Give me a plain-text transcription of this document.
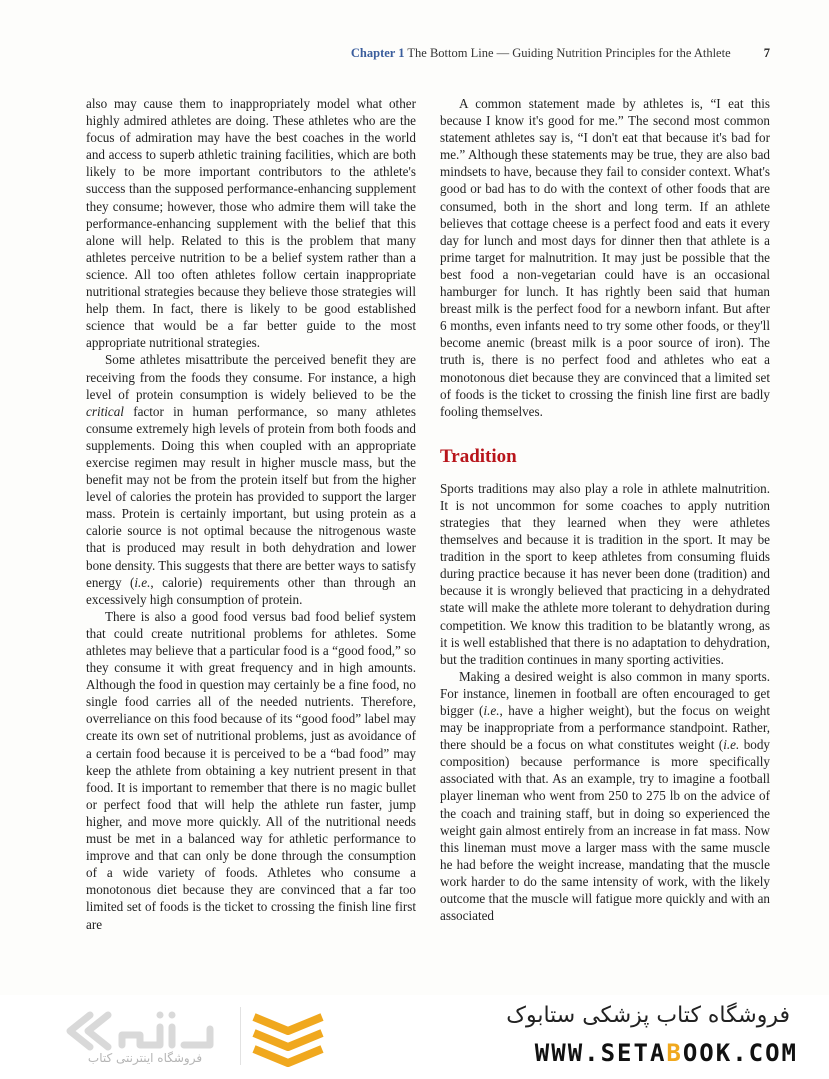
Chapter 1 The Bottom Line — Guiding Nutrition Principles for the Athlete	7

also may cause them to inappropriately model what other highly admired athletes are doing. These athletes who are the focus of admiration may have the best coaches in the world and access to superb athletic training facilities, which are both likely to be more important contributors to the athlete's success than the supposed performance-enhancing supplement they consume; however, those who admire them will take the performance-enhancing supplement with the belief that this alone will help. Related to this is the problem that many athletes perceive nutrition to be a belief system rather than a science. All too often athletes follow certain inappropriate nutritional strategies because they believe those strategies will help them. In fact, there is likely to be good established science that would be a far better guide to the most appropriate nutritional strategies.

Some athletes misattribute the perceived benefit they are receiving from the foods they consume. For instance, a high level of protein consumption is widely believed to be the critical factor in human performance, so many athletes consume extremely high levels of protein from both foods and supplements. Doing this when coupled with an appropriate exercise regimen may result in higher muscle mass, but the benefit may not be from the protein itself but from the higher level of calories the protein has provided to support the larger mass. Protein is certainly important, but using protein as a calorie source is not optimal because the nitrogenous waste that is produced may result in both dehydration and lower bone density. This suggests that there are better ways to satisfy energy (i.e., calorie) requirements other than through an excessively high consumption of protein.

There is also a good food versus bad food belief system that could create nutritional problems for athletes. Some athletes may believe that a particular food is a “good food,” so they consume it with great frequency and in high amounts. Although the food in question may certainly be a fine food, no single food carries all of the needed nutrients. Therefore, overreliance on this food because of its “good food” label may create its own set of nutritional problems, just as avoidance of a certain food because it is perceived to be a “bad food” may keep the athlete from obtaining a key nutrient present in that food. It is important to remember that there is no magic bullet or perfect food that will help the athlete run faster, jump higher, and move more quickly. All of the nutritional needs must be met in a balanced way for athletic performance to improve and that can only be done through the consumption of a wide variety of foods. Athletes who consume a monotonous diet because they are convinced that a far too limited set of foods is the ticket to crossing the finish line first are

A common statement made by athletes is, “I eat this because I know it's good for me.” The second most common statement athletes say is, “I don't eat that because it's bad for me.” Although these statements may be true, they are also bad mindsets to have, because they fail to consider context. What's good or bad has to do with the context of other foods that are consumed, both in the short and long term. If an athlete believes that cottage cheese is a perfect food and eats it every day for lunch and most days for dinner then that athlete is a prime target for malnutrition. It may just be possible that the best food a non-vegetarian could have is an occasional hamburger for lunch. It has rightly been said that human breast milk is the perfect food for a newborn infant. But after 6 months, even infants need to try some other foods, or they'll become anemic (breast milk is a poor source of iron). The truth is, there is no perfect food and athletes who eat a monotonous diet because they are convinced that a limited set of foods is the ticket to crossing the finish line first are badly fooling themselves.

Tradition

Sports traditions may also play a role in athlete malnutrition. It is not uncommon for some coaches to apply nutrition strategies that they learned when they were athletes themselves and because it is tradition in the sport. It may be tradition in the sport to keep athletes from consuming fluids during practice because it has never been done (tradition) and because it is wrongly believed that practicing in a dehydrated state will make the athlete more tolerant to dehydration during competition. We know this tradition to be blatantly wrong, as it is well established that there is no adaptation to dehydration, but the tradition continues in many sporting activities.

Making a desired weight is also common in many sports. For instance, linemen in football are often encouraged to get bigger (i.e., have a higher weight), but the focus on weight may be inappropriate from a performance standpoint. Rather, there should be a focus on what constitutes weight (i.e. body composition) because performance is more specifically associated with that. As an example, try to imagine a football player lineman who went from 250 to 275 lb on the advice of the coach and training staff, but in doing so experienced the weight gain almost entirely from an increase in fat mass. Now this lineman must move a larger mass with the same muscle he had before the weight increase, mandating that the muscle work harder to do the same intensity of work, with the likely outcome that the muscle will fatigue more quickly and with an associated

فروشگاه اینترنتی کتاب
فروشگاه کتاب پزشکی ستابوک
WWW.SETABOOK.COM
